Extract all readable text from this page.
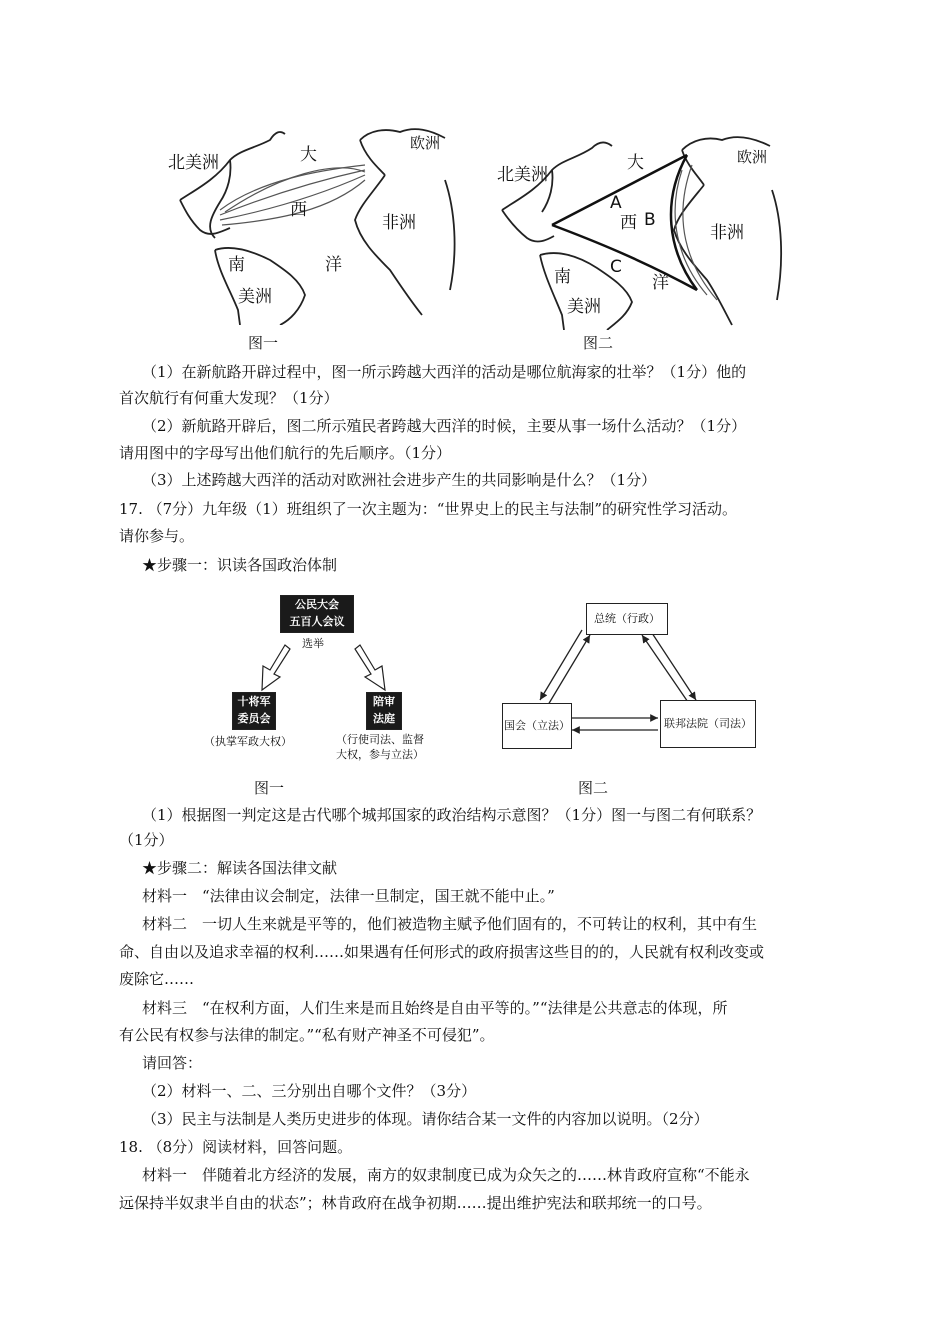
北美洲
欧洲
大
西
非洲
南
美洲
洋
图一
北美洲
欧洲
大
A
西 B
非洲
南 C
洋
美洲
图二
（1）在新航路开辟过程中，图一所示跨越大西洋的活动是哪位航海家的壮举？（1分）他的
首次航行有何重大发现？（1分）
（2）新航路开辟后，图二所示殖民者跨越大西洋的时候，主要从事一场什么活动？（1分）
请用图中的字母写出他们航行的先后顺序。（1分）
（3）上述跨越大西洋的活动对欧洲社会进步产生的共同影响是什么？（1分）
17. （7分）九年级（1）班组织了一次主题为：“世界史上的民主与法制”的研究性学习活动。
请你参与。
★步骤一：识读各国政治体制
公民大会
五百人会议
选举
十将军
委员会
（执掌军政大权）
陪审
法庭
（行使司法、监督
大权，参与立法）
图一
总统（行政）
国会（立法）	联邦法院（司法）
图二
（1）根据图一判定这是古代哪个城邦国家的政治结构示意图？（1分）图一与图二有何联系？
（1分）
★步骤二：解读各国法律文献
材料一　“法律由议会制定，法律一旦制定，国王就不能中止。”
材料二　一切人生来就是平等的，他们被造物主赋予他们固有的，不可转让的权利，其中有生
命、自由以及追求幸福的权利……如果遇有任何形式的政府损害这些目的的，人民就有权利改变或
废除它……
材料三　“在权利方面，人们生来是而且始终是自由平等的。”“法律是公共意志的体现，所
有公民有权参与法律的制定。”“私有财产神圣不可侵犯”。
请回答：
（2）材料一、二、三分别出自哪个文件？（3分）
（3）民主与法制是人类历史进步的体现。请你结合某一文件的内容加以说明。（2分）
18. （8分）阅读材料，回答问题。
材料一　伴随着北方经济的发展，南方的奴隶制度已成为众矢之的……林肯政府宣称“不能永
远保持半奴隶半自由的状态”；林肯政府在战争初期……提出维护宪法和联邦统一的口号。
